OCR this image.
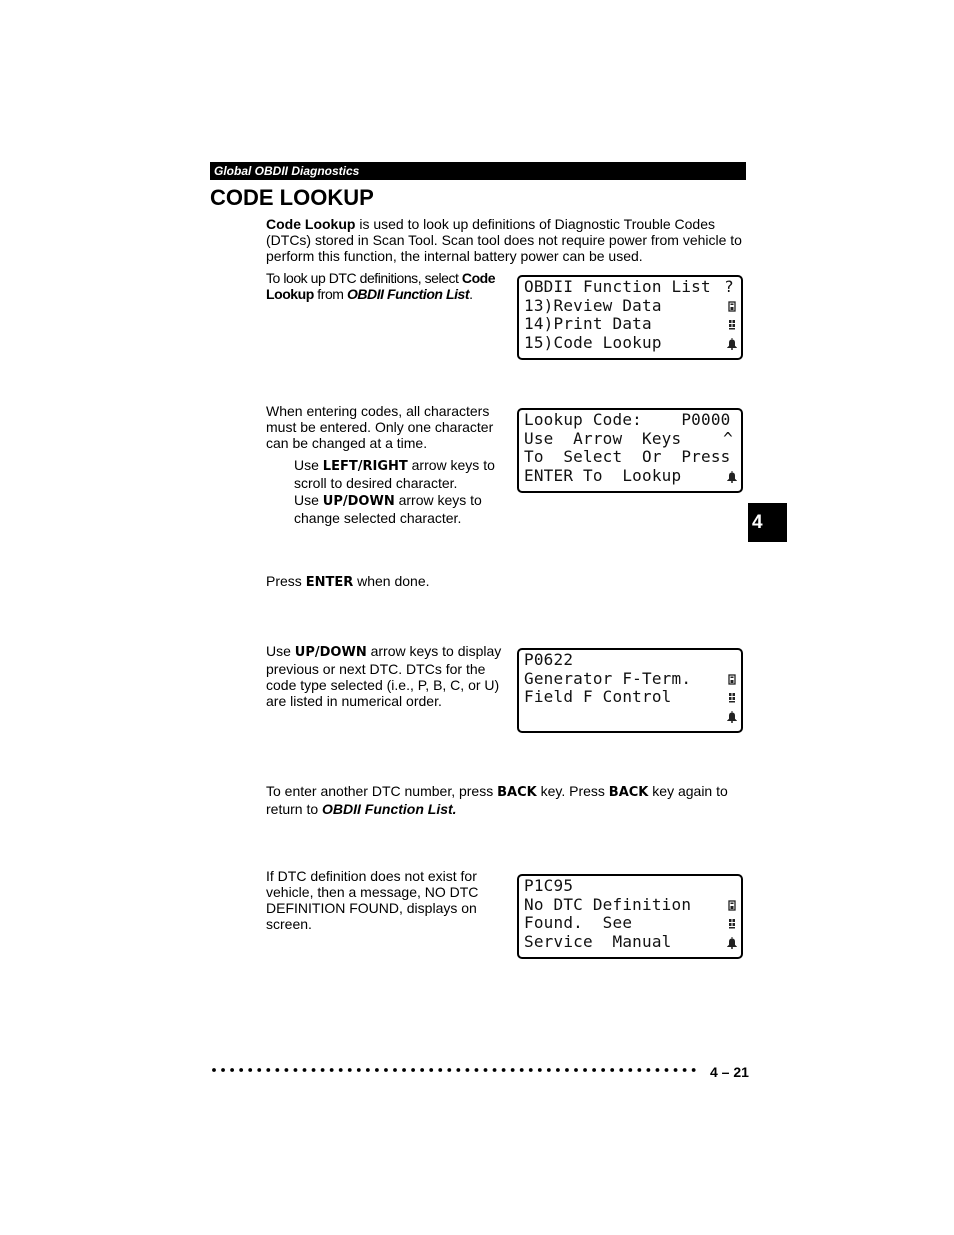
Global OBDII Diagnostics
CODE LOOKUP

Code Lookup is used to look up definitions of Diagnostic Trouble Codes (DTCs) stored in Scan Tool. Scan tool does not require power from vehicle to perform this function, the internal battery power can be used.

To look up DTC definitions, select Code Lookup from OBDII Function List.	OBDII Function List ?
13)Review Data

14)Print Data

15)Code Lookup

When entering codes, all characters must be entered. Only one character can be changed at a time.

Use LEFT/RIGHT arrow keys to scroll to desired character.

Use UP/DOWN arrow keys to change selected character.

Lookup Code:    P0000
Use  Arrow  Keys	^
To  Select  Or  Press
ENTER To  Lookup

4

Press ENTER when done.

Use UP/DOWN arrow keys to display previous or next DTC. DTCs for the code type selected (i.e., P, B, C, or U) are listed in numerical order.

P0622
Generator F-Term.

Field F Control

To enter another DTC number, press BACK key. Press BACK key again to return to OBDII Function List.

If DTC definition does not exist for vehicle, then a message, NO DTC DEFINITION FOUND, displays on screen.

P1C95
No DTC Definition

Found.  See

Service  Manual

4 – 21
